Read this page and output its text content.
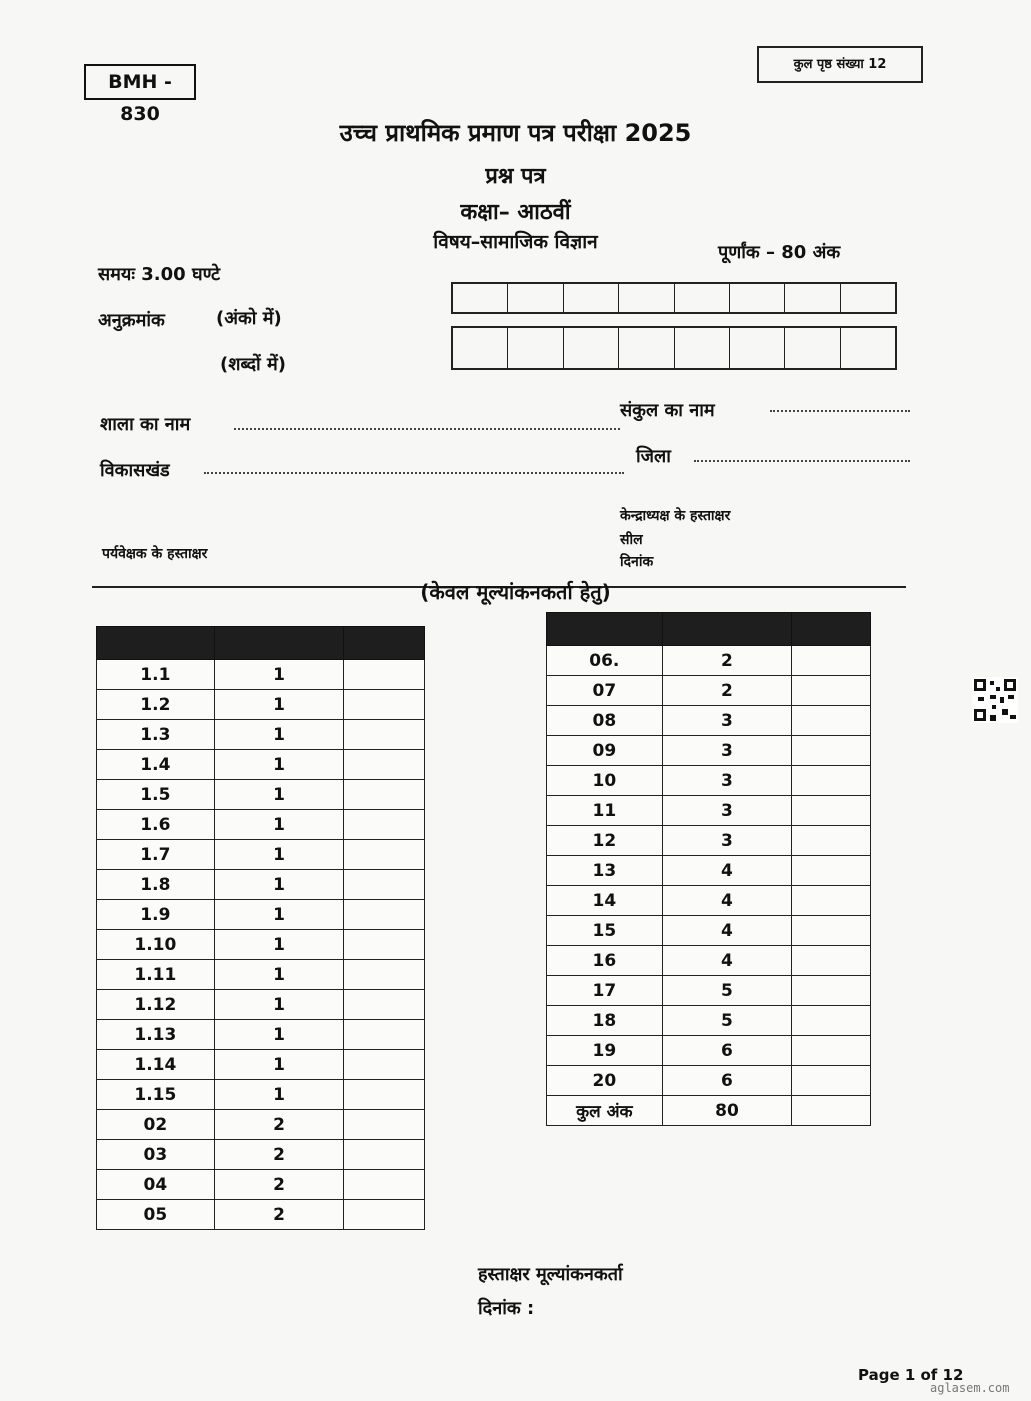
BMH - 830
कुल पृष्ठ संख्या 12
उच्च प्राथमिक प्रमाण पत्र परीक्षा 2025
प्रश्न पत्र
कक्षा– आठवीं
विषय–सामाजिक विज्ञान
समयः 3.00 घण्टे
पूर्णांक – 80 अंक
अनुक्रमांक	(अंको में)
(शब्दों में)
शाला का नाम
संकुल का नाम
विकासखंड
जिला
केन्द्राध्यक्ष के हस्ताक्षर
सील
दिनांक
पर्यवेक्षक के हस्ताक्षर
(केवल मूल्यांकनकर्ता हेतु)

1.1	1	
1.2	1	
1.3	1	
1.4	1	
1.5	1	
1.6	1	
1.7	1	
1.8	1	
1.9	1	
1.10	1	
1.11	1	
1.12	1	
1.13	1	
1.14	1	
1.15	1	
02	2	
03	2	
04	2	
05	2	

06.	2	
07	2	
08	3	
09	3	
10	3	
11	3	
12	3	
13	4	
14	4	
15	4	
16	4	
17	5	
18	5	
19	6	
20	6	
कुल अंक	80	
हस्ताक्षर मूल्यांकनकर्ता
दिनांक :
Page 1 of 12
aglasem.com
